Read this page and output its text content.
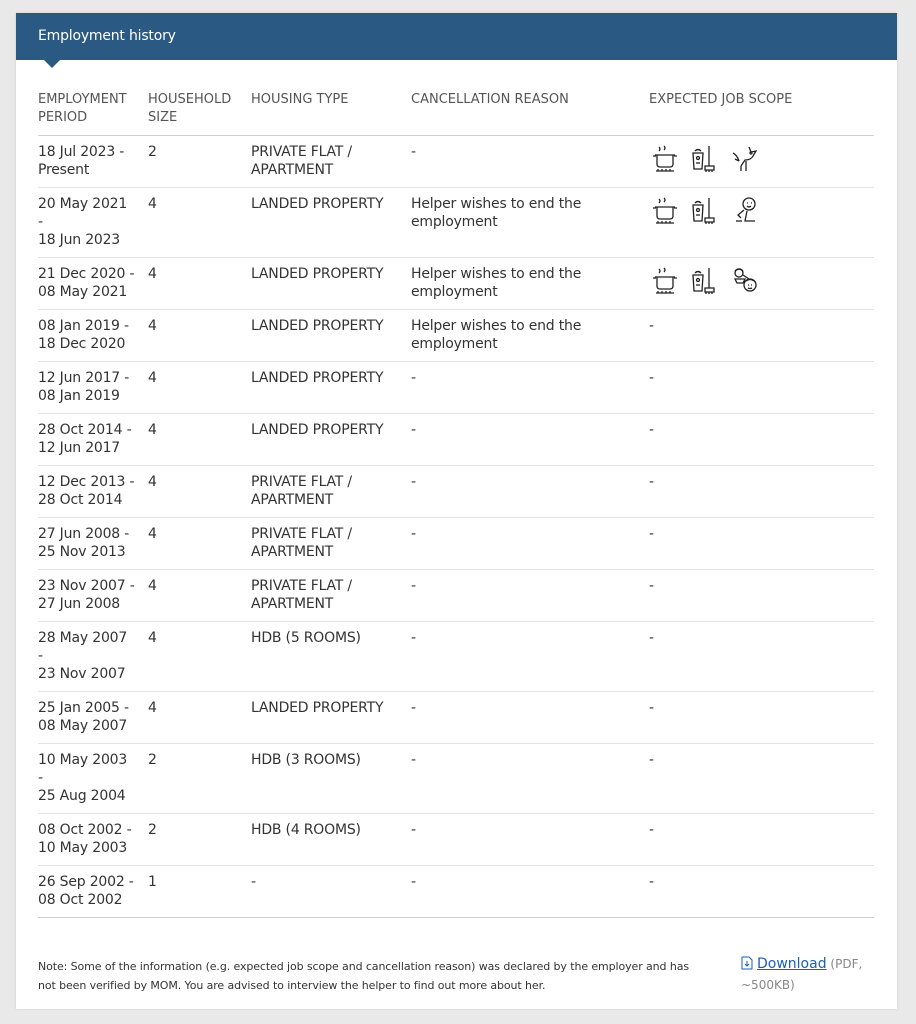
Employment history
EMPLOYMENT PERIOD	HOUSEHOLD SIZE	HOUSING TYPE	CANCELLATION REASON	EXPECTED JOB SCOPE

18 Jul 2023 -
Present	2	PRIVATE FLAT / APARTMENT	-	

20 May 2021
-
18 Jun 2023	4	LANDED PROPERTY	Helper wishes to end the employment	

21 Dec 2020 -
08 May 2021	4	LANDED PROPERTY	Helper wishes to end the employment	

08 Jan 2019 -
18 Dec 2020	4	LANDED PROPERTY	Helper wishes to end the employment	-

12 Jun 2017 -
08 Jan 2019	4	LANDED PROPERTY	-	-

28 Oct 2014 -
12 Jun 2017	4	LANDED PROPERTY	-	-

12 Dec 2013 -
28 Oct 2014	4	PRIVATE FLAT / APARTMENT	-	-

27 Jun 2008 -
25 Nov 2013	4	PRIVATE FLAT / APARTMENT	-	-

23 Nov 2007 -
27 Jun 2008	4	PRIVATE FLAT / APARTMENT	-	-

28 May 2007
-
23 Nov 2007	4	HDB (5 ROOMS)	-	-

25 Jan 2005 -
08 May 2007	4	LANDED PROPERTY	-	-

10 May 2003
-
25 Aug 2004	2	HDB (3 ROOMS)	-	-

08 Oct 2002 -
10 May 2003	2	HDB (4 ROOMS)	-	-

26 Sep 2002 -
08 Oct 2002	1	-	-	-
Note: Some of the information (e.g. expected job scope and cancellation reason) was declared by the employer and has not been verified by MOM. You are advised to interview the helper to find out more about her.
Download (PDF, ~500KB)
